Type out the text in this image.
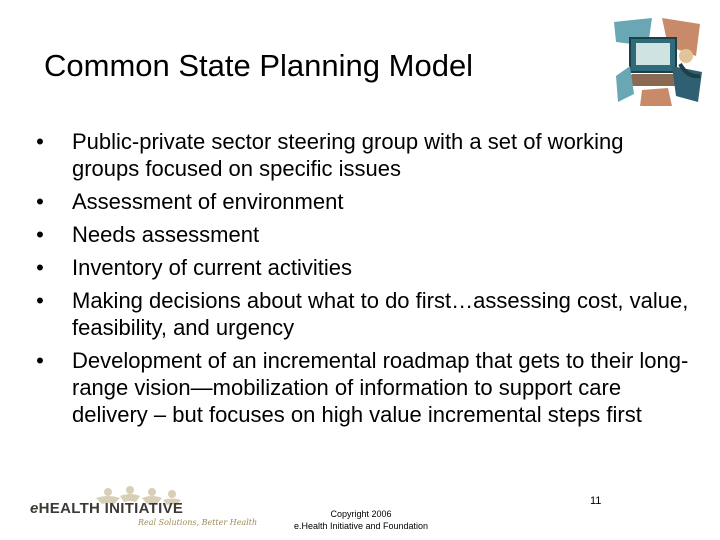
Common State Planning Model
• Public-private sector steering group with a set of working groups focused on specific issues
• Assessment of environment
• Needs assessment
• Inventory of current activities
• Making decisions about what to do first…assessing cost, value, feasibility, and urgency
• Development of an incremental roadmap that gets to their long-range vision—mobilization of information to support care delivery – but focuses on high value incremental steps first
eHEALTH INITIATIVE
Real Solutions, Better Health
Copyright 2006
e.Health Initiative and Foundation
11
